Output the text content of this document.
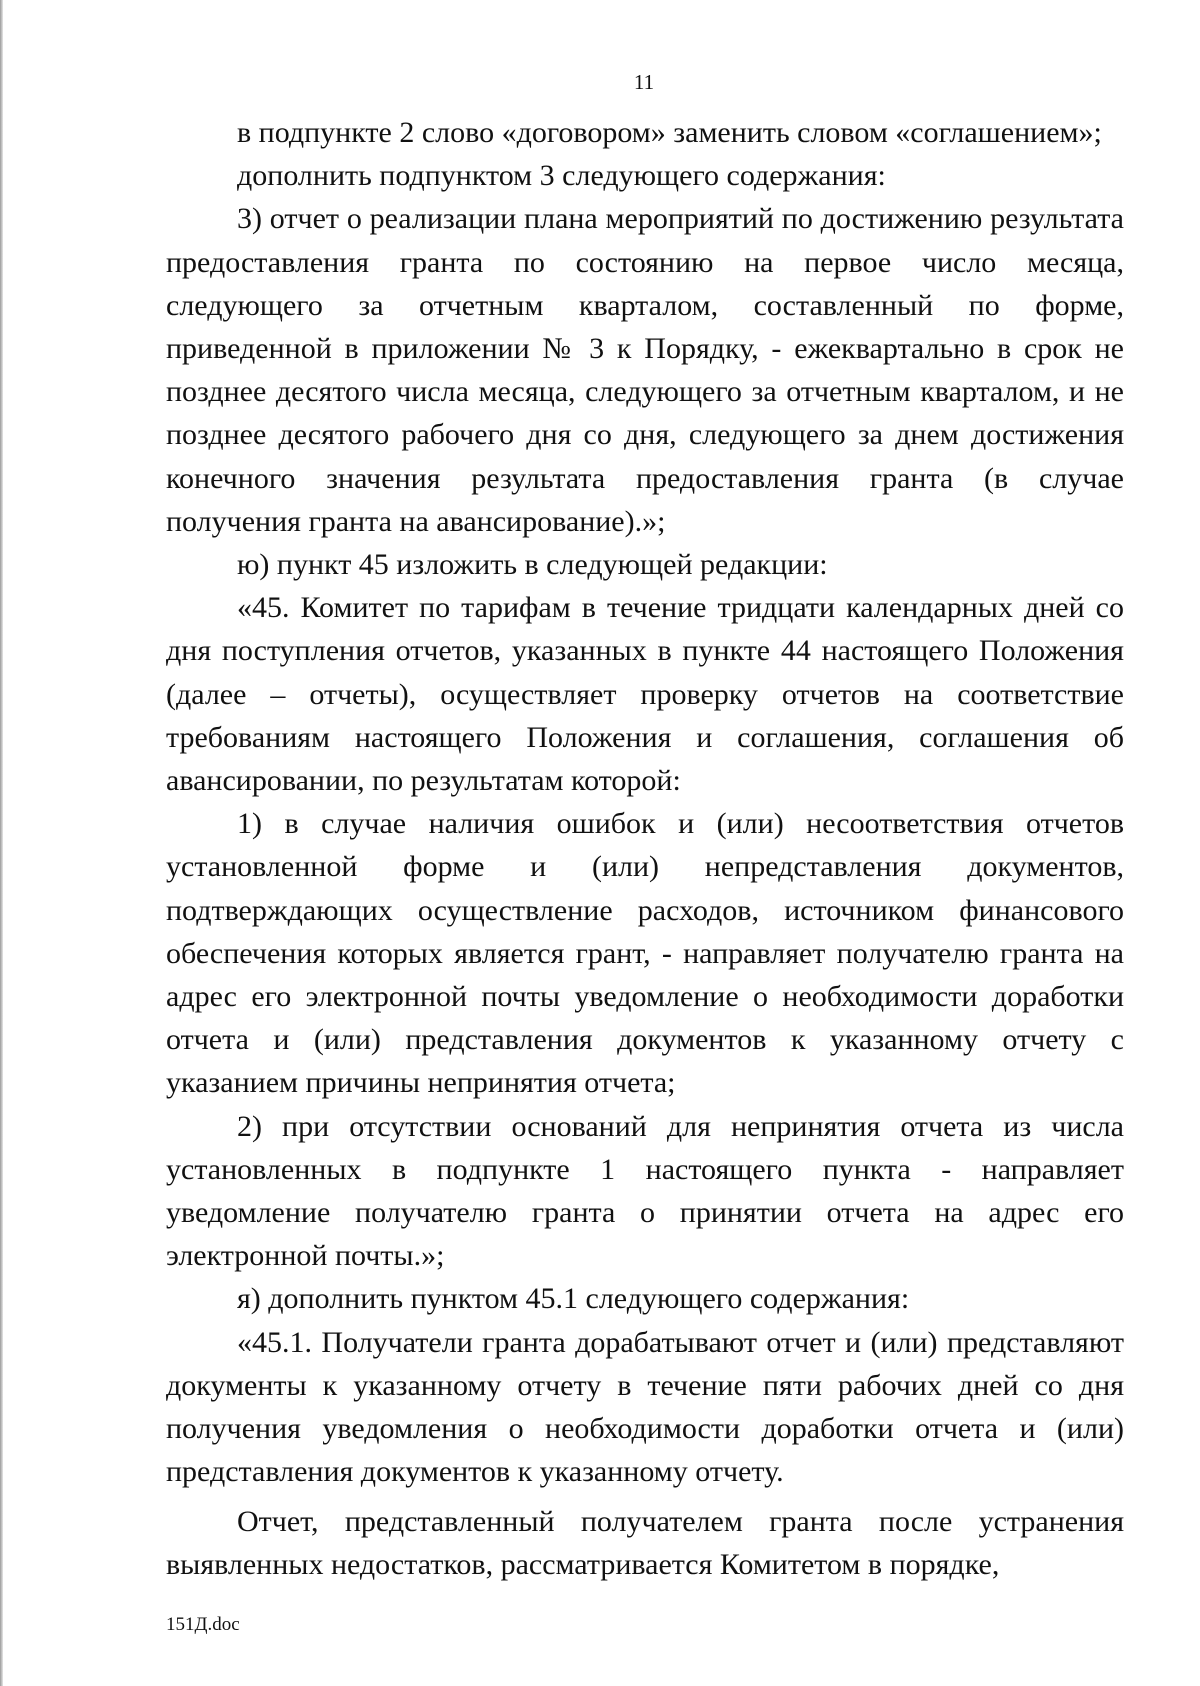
11

в подпункте 2 слово «договором» заменить словом «соглашением»;

дополнить подпунктом 3 следующего содержания:

3) отчет о реализации плана мероприятий по достижению результата предоставления гранта по состоянию на первое число месяца, следующего за отчетным кварталом, составленный по форме, приведенной в приложении № 3 к Порядку, - ежеквартально в срок не позднее десятого числа месяца, следующего за отчетным кварталом, и не позднее десятого рабочего дня со дня, следующего за днем достижения конечного значения результата предоставления гранта (в случае получения гранта на авансирование).»;

ю) пункт 45 изложить в следующей редакции:

«45. Комитет по тарифам в течение тридцати календарных дней со дня поступления отчетов, указанных в пункте 44 настоящего Положения (далее – отчеты), осуществляет проверку отчетов на соответствие требованиям настоящего Положения и соглашения, соглашения об авансировании, по результатам которой:

1) в случае наличия ошибок и (или) несоответствия отчетов установленной форме и (или) непредставления документов, подтверждающих осуществление расходов, источником финансового обеспечения которых является грант, - направляет получателю гранта на адрес его электронной почты уведомление о необходимости доработки отчета и (или) представления документов к указанному отчету с указанием причины непринятия отчета;

2) при отсутствии оснований для непринятия отчета из числа установленных в подпункте 1 настоящего пункта - направляет уведомление получателю гранта о принятии отчета на адрес его электронной почты.»;

я) дополнить пунктом 45.1 следующего содержания:

«45.1. Получатели гранта дорабатывают отчет и (или) представляют документы к указанному отчету в течение пяти рабочих дней со дня получения уведомления о необходимости доработки отчета и (или) представления документов к указанному отчету.

Отчет, представленный получателем гранта после устранения выявленных недостатков, рассматривается Комитетом в порядке,

151Д.doc
